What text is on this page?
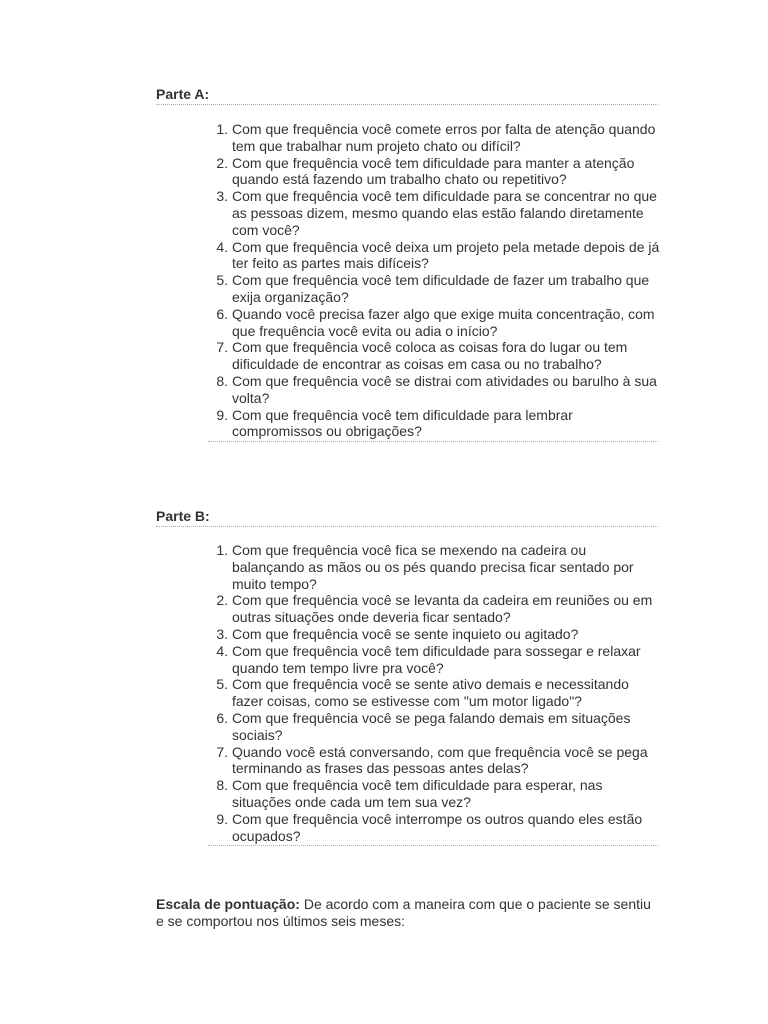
Parte A:
1. Com que frequência você comete erros por falta de atenção quando tem que trabalhar num projeto chato ou difícil?
2. Com que frequência você tem dificuldade para manter a atenção quando está fazendo um trabalho chato ou repetitivo?
3. Com que frequência você tem dificuldade para se concentrar no que as pessoas dizem, mesmo quando elas estão falando diretamente com você?
4. Com que frequência você deixa um projeto pela metade depois de já ter feito as partes mais difíceis?
5. Com que frequência você tem dificuldade de fazer um trabalho que exija organização?
6. Quando você precisa fazer algo que exige muita concentração, com que frequência você evita ou adia o início?
7. Com que frequência você coloca as coisas fora do lugar ou tem dificuldade de encontrar as coisas em casa ou no trabalho?
8. Com que frequência você se distrai com atividades ou barulho à sua volta?
9. Com que frequência você tem dificuldade para lembrar compromissos ou obrigações?
Parte B:
1. Com que frequência você fica se mexendo na cadeira ou balançando as mãos ou os pés quando precisa ficar sentado por muito tempo?
2. Com que frequência você se levanta da cadeira em reuniões ou em outras situações onde deveria ficar sentado?
3. Com que frequência você se sente inquieto ou agitado?
4. Com que frequência você tem dificuldade para sossegar e relaxar quando tem tempo livre pra você?
5. Com que frequência você se sente ativo demais e necessitando fazer coisas, como se estivesse com "um motor ligado"?
6. Com que frequência você se pega falando demais em situações sociais?
7. Quando você está conversando, com que frequência você se pega terminando as frases das pessoas antes delas?
8. Com que frequência você tem dificuldade para esperar, nas situações onde cada um tem sua vez?
9. Com que frequência você interrompe os outros quando eles estão ocupados?

Escala de pontuação: De acordo com a maneira com que o paciente se sentiu e se comportou nos últimos seis meses:
